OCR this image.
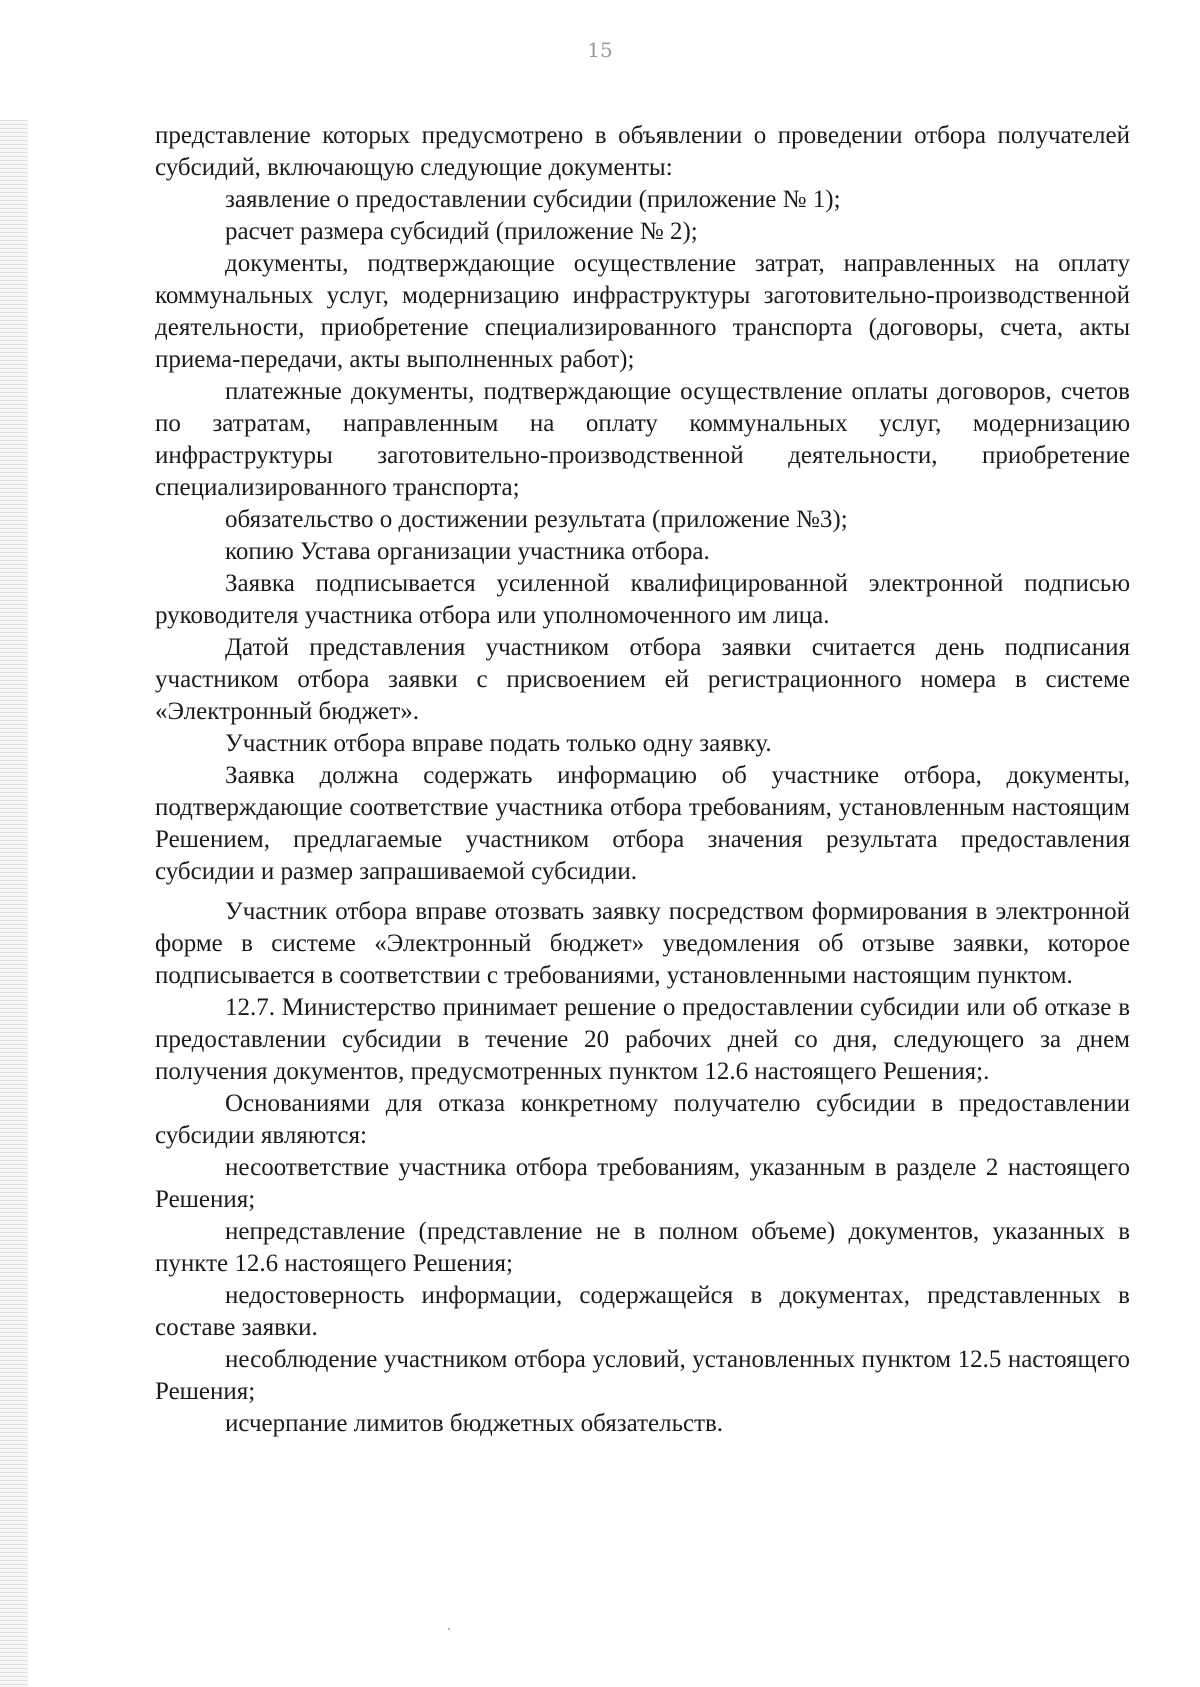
15

представление которых предусмотрено в объявлении о проведении отбора получателей субсидий, включающую следующие документы:

заявление о предоставлении субсидии (приложение № 1);

расчет размера субсидий (приложение № 2);

документы, подтверждающие осуществление затрат, направленных на оплату коммунальных услуг, модернизацию инфраструктуры заготовительно-производственной деятельности, приобретение специализированного транспорта (договоры, счета, акты приема-передачи, акты выполненных работ);

платежные документы, подтверждающие осуществление оплаты договоров, счетов по затратам, направленным на оплату коммунальных услуг, модернизацию инфраструктуры заготовительно-производственной деятельности, приобретение специализированного транспорта;

обязательство о достижении результата (приложение №3);

копию Устава организации участника отбора.

Заявка подписывается усиленной квалифицированной электронной подписью руководителя участника отбора или уполномоченного им лица.

Датой представления участником отбора заявки считается день подписания участником отбора заявки с присвоением ей регистрационного номера в системе «Электронный бюджет».

Участник отбора вправе подать только одну заявку.

Заявка должна содержать информацию об участнике отбора, документы, подтверждающие соответствие участника отбора требованиям, установленным настоящим Решением, предлагаемые участником отбора значения результата предоставления субсидии и размер запрашиваемой субсидии.

Участник отбора вправе отозвать заявку посредством формирования в электронной форме в системе «Электронный бюджет» уведомления об отзыве заявки, которое подписывается в соответствии с требованиями, установленными настоящим пунктом.

12.7. Министерство принимает решение о предоставлении субсидии или об отказе в предоставлении субсидии в течение 20 рабочих дней со дня, следующего за днем получения документов, предусмотренных пунктом 12.6 настоящего Решения;.

Основаниями для отказа конкретному получателю субсидии в предоставлении субсидии являются:

несоответствие участника отбора требованиям, указанным в разделе 2 настоящего Решения;

непредставление (представление не в полном объеме) документов, указанных в пункте 12.6 настоящего Решения;

недостоверность информации, содержащейся в документах, представленных в составе заявки.

несоблюдение участником отбора условий, установленных пунктом 12.5 настоящего Решения;

исчерпание лимитов бюджетных обязательств.
